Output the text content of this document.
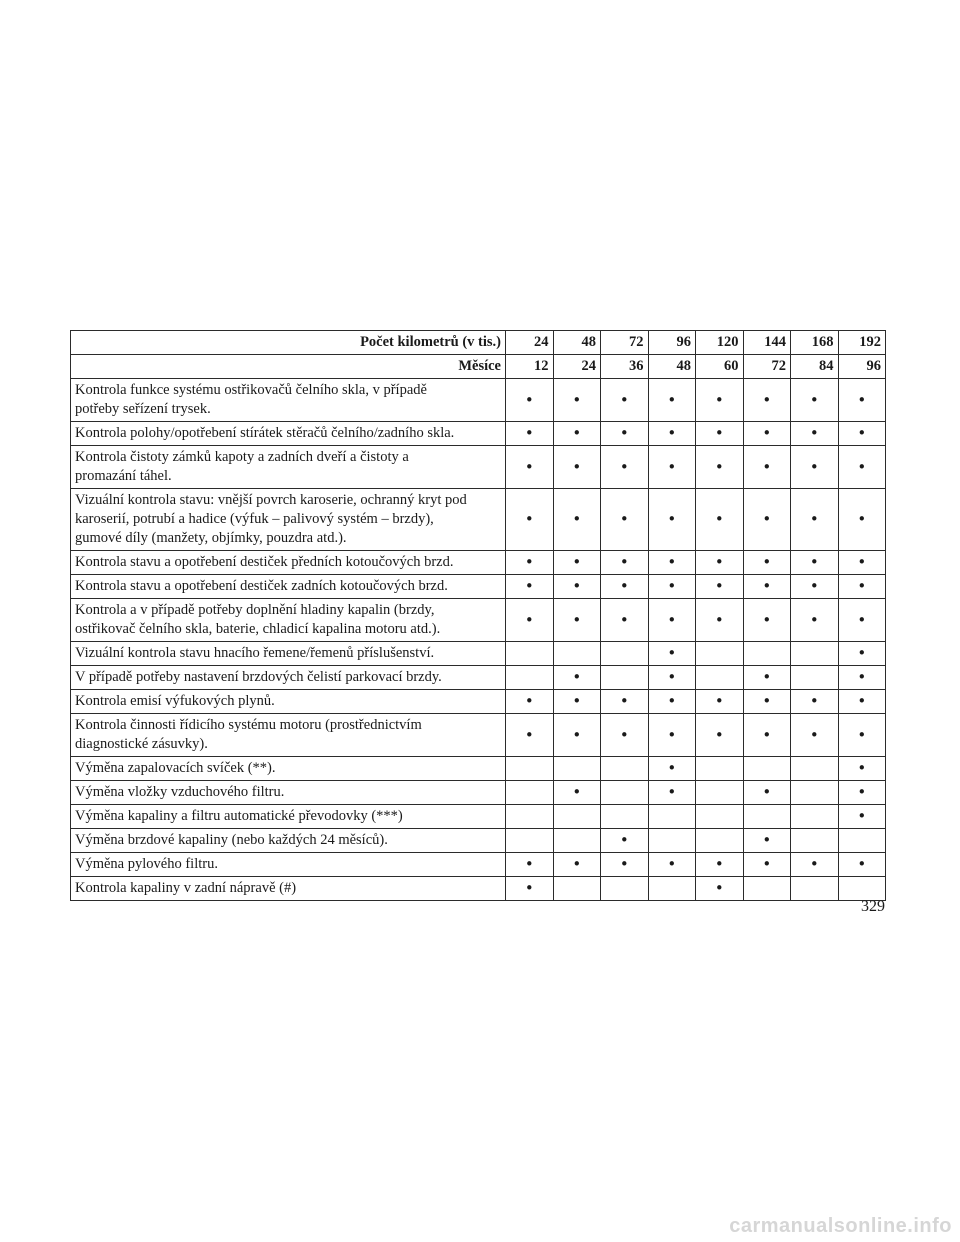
Počet kilometrů (v tis.)	24	48	72	96	120	144	168	192
Měsíce	12	24	36	48	60	72	84	96
Kontrola funkce systému ostřikovačů čelního skla, v případě
potřeby seřízení trysek.	•	•	•	•	•	•	•	•
Kontrola polohy/opotřebení stírátek stěračů čelního/zadního skla.	•	•	•	•	•	•	•	•
Kontrola čistoty zámků kapoty a zadních dveří a čistoty a
promazání táhel.	•	•	•	•	•	•	•	•
Vizuální kontrola stavu: vnější povrch karoserie, ochranný kryt pod
karoserií, potrubí a hadice (výfuk – palivový systém – brzdy),
gumové díly (manžety, objímky, pouzdra atd.).	•	•	•	•	•	•	•	•
Kontrola stavu a opotřebení destiček předních kotoučových brzd.	•	•	•	•	•	•	•	•
Kontrola stavu a opotřebení destiček zadních kotoučových brzd.	•	•	•	•	•	•	•	•
Kontrola a v případě potřeby doplnění hladiny kapalin (brzdy,
ostřikovač čelního skla, baterie, chladicí kapalina motoru atd.).	•	•	•	•	•	•	•	•
Vizuální kontrola stavu hnacího řemene/řemenů příslušenství.				•				•
V případě potřeby nastavení brzdových čelistí parkovací brzdy.		•		•		•		•
Kontrola emisí výfukových plynů.	•	•	•	•	•	•	•	•
Kontrola činnosti řídicího systému motoru (prostřednictvím
diagnostické zásuvky).	•	•	•	•	•	•	•	•
Výměna zapalovacích svíček (**).				•				•
Výměna vložky vzduchového filtru.		•		•		•		•
Výměna kapaliny a filtru automatické převodovky (***)								•
Výměna brzdové kapaliny (nebo každých 24 měsíců).			•			•		
Výměna pylového filtru.	•	•	•	•	•	•	•	•
Kontrola kapaliny v zadní nápravě (#)	•				•			
329
carmanualsonline.info
